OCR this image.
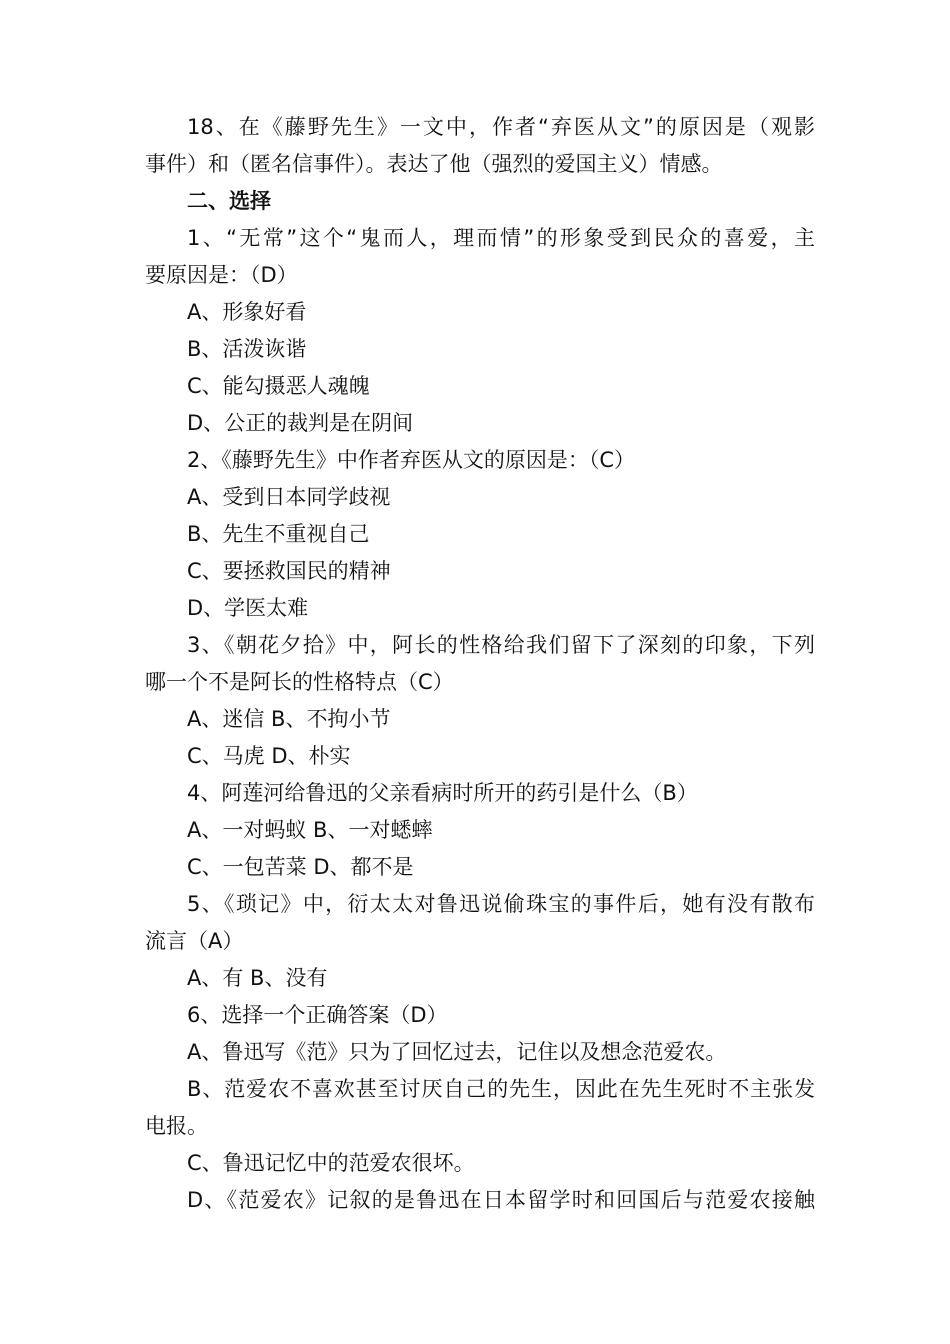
18、在《藤野先生》一文中，作者“弃医从文”的原因是（观影
事件）和（匿名信事件）。表达了他（强烈的爱国主义）情感。
二、选择
1、“无常”这个“鬼而人，理而情”的形象受到民众的喜爱，主
要原因是：（D）
A、形象好看
B、活泼诙谐
C、能勾摄恶人魂魄
D、公正的裁判是在阴间
2、《藤野先生》中作者弃医从文的原因是：（C）
A、受到日本同学歧视
B、先生不重视自己
C、要拯救国民的精神
D、学医太难
3、《朝花夕拾》中，阿长的性格给我们留下了深刻的印象，下列
哪一个不是阿长的性格特点（C）
A、迷信 B、不拘小节
C、马虎 D、朴实
4、阿莲河给鲁迅的父亲看病时所开的药引是什么（B）
A、一对蚂蚁 B、一对蟋蟀
C、一包苦菜 D、都不是
5、《琐记》中，衍太太对鲁迅说偷珠宝的事件后，她有没有散布
流言（A）
A、有 B、没有
6、选择一个正确答案（D）
A、鲁迅写《范》只为了回忆过去，记住以及想念范爱农。
B、范爱农不喜欢甚至讨厌自己的先生，因此在先生死时不主张发
电报。
C、鲁迅记忆中的范爱农很坏。
D、《范爱农》记叙的是鲁迅在日本留学时和回国后与范爱农接触
